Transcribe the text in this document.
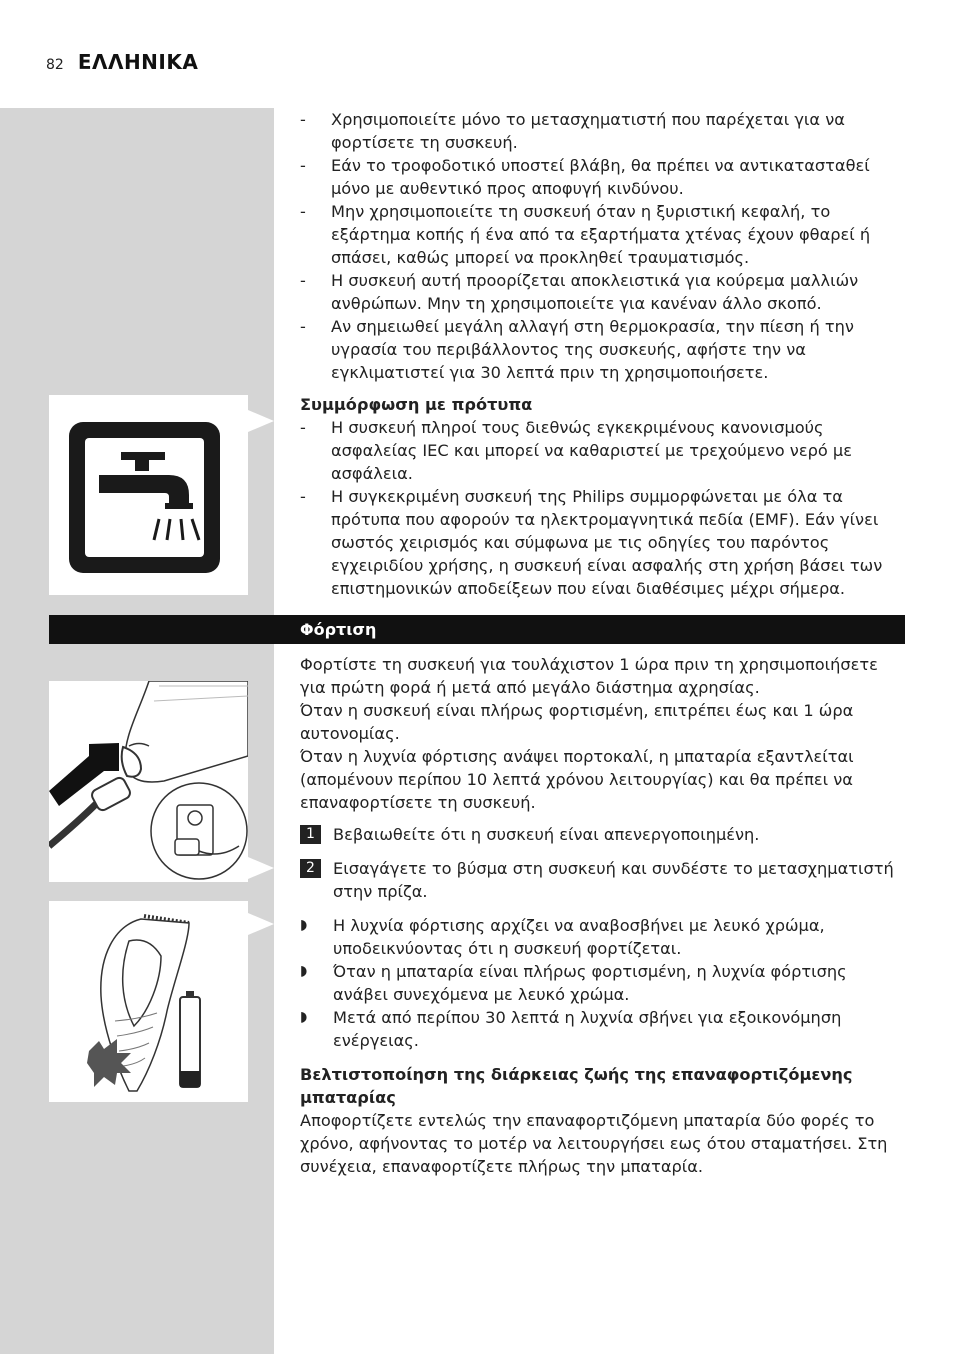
82 ΕΛΛΗΝΙΚΑ

- Χρησιμοποιείτε μόνο το μετασχηματιστή που παρέχεται για να φορτίσετε τη συσκευή.

- Εάν το τροφοδοτικό υποστεί βλάβη, θα πρέπει να αντικατασταθεί μόνο με αυθεντικό προς αποφυγή κινδύνου.

- Μην χρησιμοποιείτε τη συσκευή όταν η ξυριστική κεφαλή, το εξάρτημα κοπής ή ένα από τα εξαρτήματα χτένας έχουν φθαρεί ή σπάσει, καθώς μπορεί να προκληθεί τραυματισμός.

- Η συσκευή αυτή προορίζεται αποκλειστικά για κούρεμα μαλλιών ανθρώπων. Μην τη χρησιμοποιείτε για κανέναν άλλο σκοπό.

- Αν σημειωθεί μεγάλη αλλαγή στη θερμοκρασία, την πίεση ή την υγρασία του περιβάλλοντος της συσκευής, αφήστε την να εγκλιματιστεί για 30 λεπτά πριν τη χρησιμοποιήσετε.

Συμμόρφωση με πρότυπα

- Η συσκευή πληροί τους διεθνώς εγκεκριμένους κανονισμούς ασφαλείας IEC και μπορεί να καθαριστεί με τρεχούμενο νερό με ασφάλεια.

- Η συγκεκριμένη συσκευή της Philips συμμορφώνεται με όλα τα πρότυπα που αφορούν τα ηλεκτρομαγνητικά πεδία (EMF). Εάν γίνει σωστός χειρισμός και σύμφωνα με τις οδηγίες του παρόντος εγχειριδίου χρήσης, η συσκευή είναι ασφαλής στη χρήση βάσει των επιστημονικών αποδείξεων που είναι διαθέσιμες μέχρι σήμερα.

Φόρτιση

Φορτίστε τη συσκευή για τουλάχιστον 1 ώρα πριν τη χρησιμοποιήσετε για πρώτη φορά ή μετά από μεγάλο διάστημα αχρησίας.

Όταν η συσκευή είναι πλήρως φορτισμένη, επιτρέπει έως και 1 ώρα αυτονομίας.

Όταν η λυχνία φόρτισης ανάψει πορτοκαλί, η μπαταρία εξαντλείται (απομένουν περίπου 10 λεπτά χρόνου λειτουργίας) και θα πρέπει να επαναφορτίσετε τη συσκευή.

1	Βεβαιωθείτε ότι η συσκευή είναι απενεργοποιημένη.

2	Εισαγάγετε το βύσμα στη συσκευή και συνδέστε το μετασχηματιστή στην πρίζα.

◗ Η λυχνία φόρτισης αρχίζει να αναβοσβήνει με λευκό χρώμα, υποδεικνύοντας ότι η συσκευή φορτίζεται.

◗ Όταν η μπαταρία είναι πλήρως φορτισμένη, η λυχνία φόρτισης ανάβει συνεχόμενα με λευκό χρώμα.

◗ Μετά από περίπου 30 λεπτά η λυχνία σβήνει για εξοικονόμηση ενέργειας.

Βελτιστοποίηση της διάρκειας ζωής της επαναφορτιζόμενης μπαταρίας

Αποφορτίζετε εντελώς την επαναφορτιζόμενη μπαταρία δύο φορές το χρόνο, αφήνοντας το μοτέρ να λειτουργήσει εως ότου σταματήσει. Στη συνέχεια, επαναφορτίζετε πλήρως την μπαταρία.
